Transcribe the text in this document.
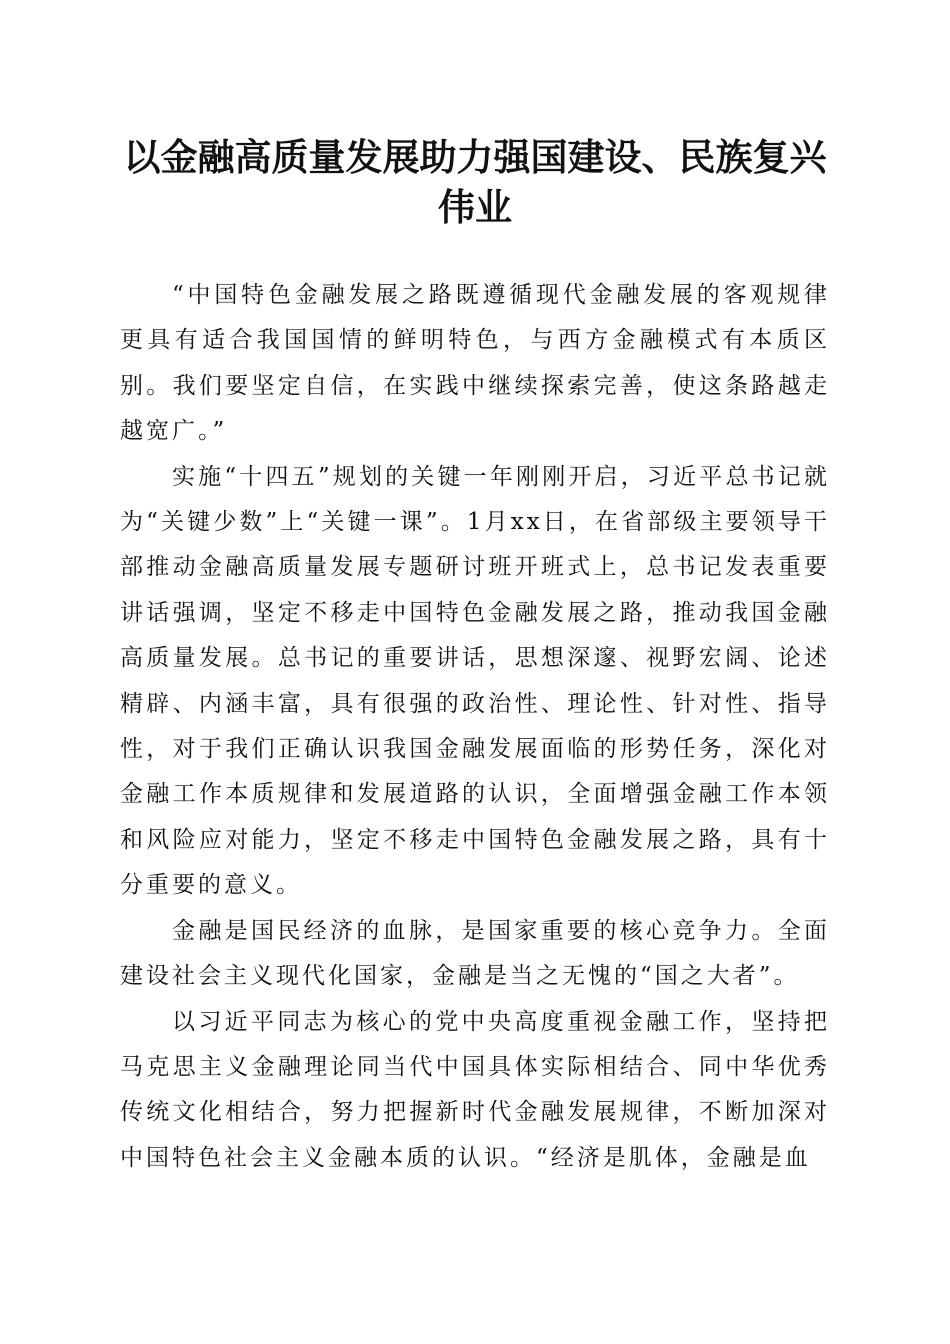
以金融高质量发展助力强国建设、民族复兴伟业

“中国特色金融发展之路既遵循现代金融发展的客观规律更具有适合我国国情的鲜明特色，与西方金融模式有本质区别。我们要坚定自信，在实践中继续探索完善，使这条路越走越宽广。”

实施“十四五”规划的关键一年刚刚开启，习近平总书记就为“关键少数”上“关键一课”。1月xx日，在省部级主要领导干部推动金融高质量发展专题研讨班开班式上，总书记发表重要讲话强调，坚定不移走中国特色金融发展之路，推动我国金融高质量发展。总书记的重要讲话，思想深邃、视野宏阔、论述精辟、内涵丰富，具有很强的政治性、理论性、针对性、指导性，对于我们正确认识我国金融发展面临的形势任务，深化对金融工作本质规律和发展道路的认识，全面增强金融工作本领和风险应对能力，坚定不移走中国特色金融发展之路，具有十分重要的意义。

金融是国民经济的血脉，是国家重要的核心竞争力。全面建设社会主义现代化国家，金融是当之无愧的“国之大者”。

以习近平同志为核心的党中央高度重视金融工作，坚持把马克思主义金融理论同当代中国具体实际相结合、同中华优秀传统文化相结合，努力把握新时代金融发展规律，不断加深对中国特色社会主义金融本质的认识。“经济是肌体，金融是血
